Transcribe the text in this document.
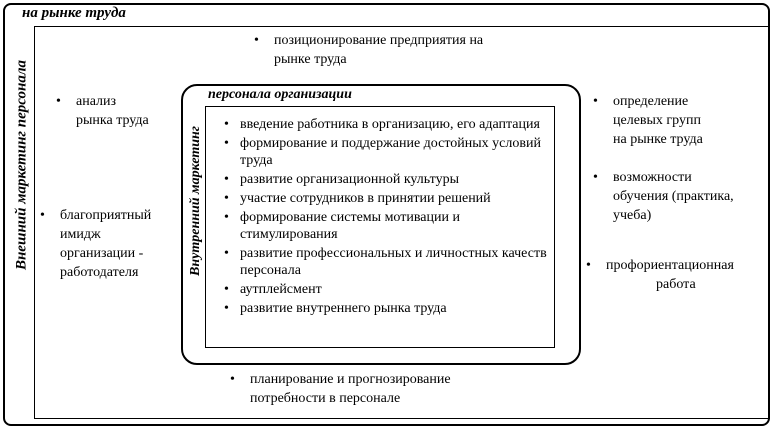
на рынке труда
Внешний маркетинг персонала
•	позиционирование предприятия на
рынке труда
•	анализ
рынка труда
•	благоприятный
имидж
организации -
работодателя
•	определение
целевых групп
на рынке труда
•	возможности
обучения (практика,
учеба)
•	профориентационная
работа
•	планирование и прогнозирование
потребности в персонале
персонала организации
Внутренний маркетинг
• введение работника в организацию, его адаптация
• формирование и поддержание достойных условий труда
• развитие организационной культуры
• участие сотрудников в принятии решений
• формирование системы мотивации и стимулирования
• развитие профессиональных и личностных качеств персонала
• аутплейсмент
• развитие внутреннего рынка труда
